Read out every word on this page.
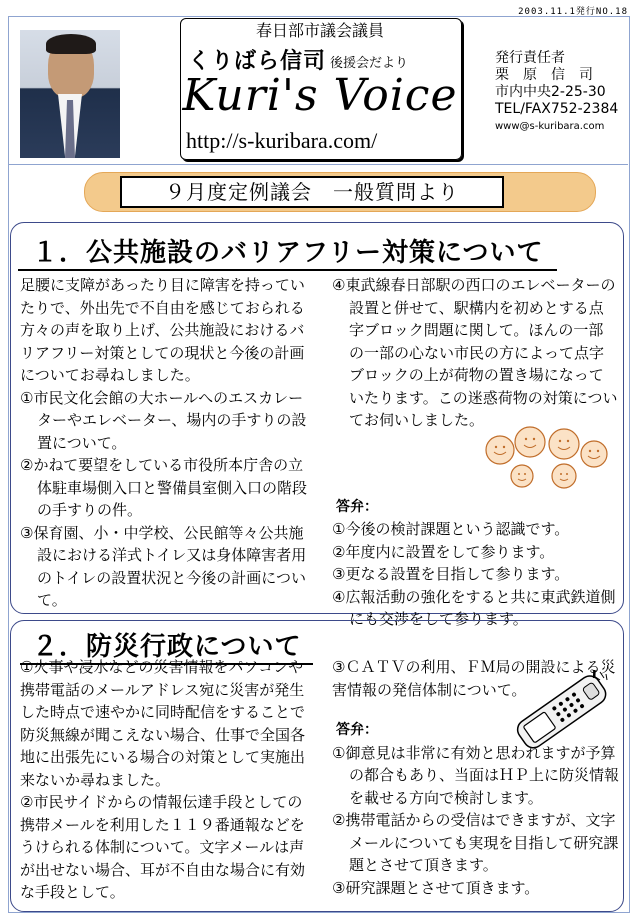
2003.11.1発行NO.18
春日部市議会議員
くりばら信司 後援会だより
Kuri's Voice
http://s-kuribara.com/
発行責任者
栗　原　信　司
市内中央2-25-30
TEL/FAX752-2384
www@s-kuribara.com
９月度定例議会　一般質問より
１．公共施設のバリアフリー対策について

足腰に支障があったり目に障害を持っていたりで、外出先で不自由を感じておられる方々の声を取り上げ、公共施設におけるバリアフリー対策としての現状と今後の計画についてお尋ねしました。

①市民文化会館の大ホールへのエスカレーターやエレベーター、場内の手すりの設置について。

②かねて要望をしている市役所本庁舎の立体駐車場側入口と警備員室側入口の階段の手すりの件。

③保育園、小・中学校、公民館等々公共施設における洋式トイレ又は身体障害者用のトイレの設置状況と今後の計画について。

④東武線春日部駅の西口のエレベーターの設置と併せて、駅構内を初めとする点字ブロック問題に関して。ほんの一部の一部の心ない市民の方によって点字ブロックの上が荷物の置き場になっていたります。この迷惑荷物の対策についてお伺いしました。

答弁：

①今後の検討課題という認識です。

②年度内に設置をして参ります。

③更なる設置を目指して参ります。

④広報活動の強化をすると共に東武鉄道側にも交渉をして参ります。

２．防災行政について

①火事や浸水などの災害情報をパソコンや携帯電話のメールアドレス宛に災害が発生した時点で速やかに同時配信をすることで防災無線が聞こえない場合、仕事で全国各地に出張先にいる場合の対策として実施出来ないか尋ねました。

②市民サイドからの情報伝達手段としての携帯メールを利用した１１９番通報などをうけられる体制について。文字メールは声が出せない場合、耳が不自由な場合に有効な手段として。

③ＣＡＴＶの利用、ＦＭ局の開設による災害情報の発信体制について。

答弁：

①御意見は非常に有効と思われますが予算の都合もあり、当面はＨＰ上に防災情報を載せる方向で検討します。

②携帯電話からの受信はできますが、文字メールについても実現を目指して研究課題とさせて頂きます。

③研究課題とさせて頂きます。
